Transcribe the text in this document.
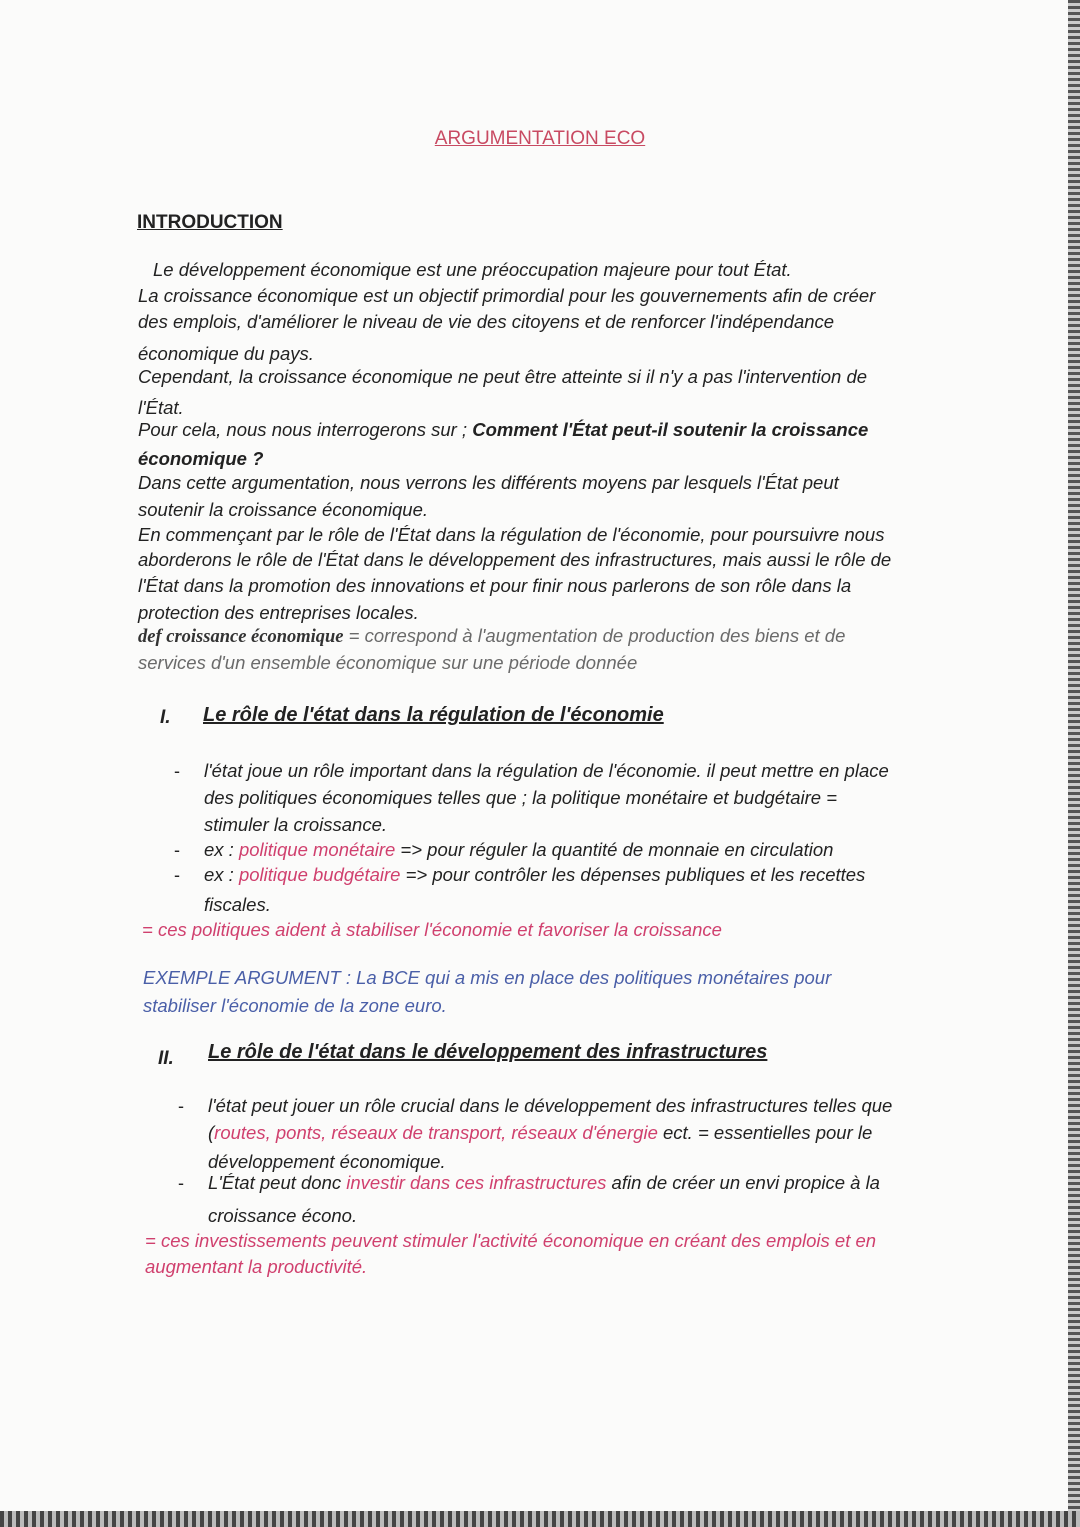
ARGUMENTATION ECO
INTRODUCTION
I. Le rôle de l'état dans la régulation de l'économie
II. Le rôle de l'état dans le développement des infrastructures
Le développement économique est une préoccupation majeure pour tout État.
La croissance économique est un objectif primordial pour les gouvernements afin de créer
des emplois, d'améliorer le niveau de vie des citoyens et de renforcer l'indépendance
économique du pays.
Cependant, la croissance économique ne peut être atteinte si il n'y a pas l'intervention de
l'État.
Pour cela, nous nous interrogerons sur ; Comment l'État peut-il soutenir la croissance
économique ?
Dans cette argumentation, nous verrons les différents moyens par lesquels l'État peut
soutenir la croissance économique.
En commençant par le rôle de l'État dans la régulation de l'économie, pour poursuivre nous
aborderons le rôle de l'État dans le développement des infrastructures, mais aussi le rôle de
l'État dans la promotion des innovations et pour finir nous parlerons de son rôle dans la
protection des entreprises locales.
def croissance économique = correspond à l'augmentation de production des biens et de
services d'un ensemble économique sur une période donnée
- l'état joue un rôle important dans la régulation de l'économie. il peut mettre en place
des politiques économiques telles que ; la politique monétaire et budgétaire =
stimuler la croissance.
- ex : politique monétaire => pour réguler la quantité de monnaie en circulation
- ex : politique budgétaire => pour contrôler les dépenses publiques et les recettes
fiscales.
= ces politiques aident à stabiliser l'économie et favoriser la croissance
EXEMPLE ARGUMENT : La BCE qui a mis en place des politiques monétaires pour
stabiliser l'économie de la zone euro.
- l'état peut jouer un rôle crucial dans le développement des infrastructures telles que
(routes, ponts, réseaux de transport, réseaux d'énergie ect. = essentielles pour le
développement économique.
- L'État peut donc investir dans ces infrastructures afin de créer un envi propice à la
croissance écono.
= ces investissements peuvent stimuler l'activité économique en créant des emplois et en
augmentant la productivité.
